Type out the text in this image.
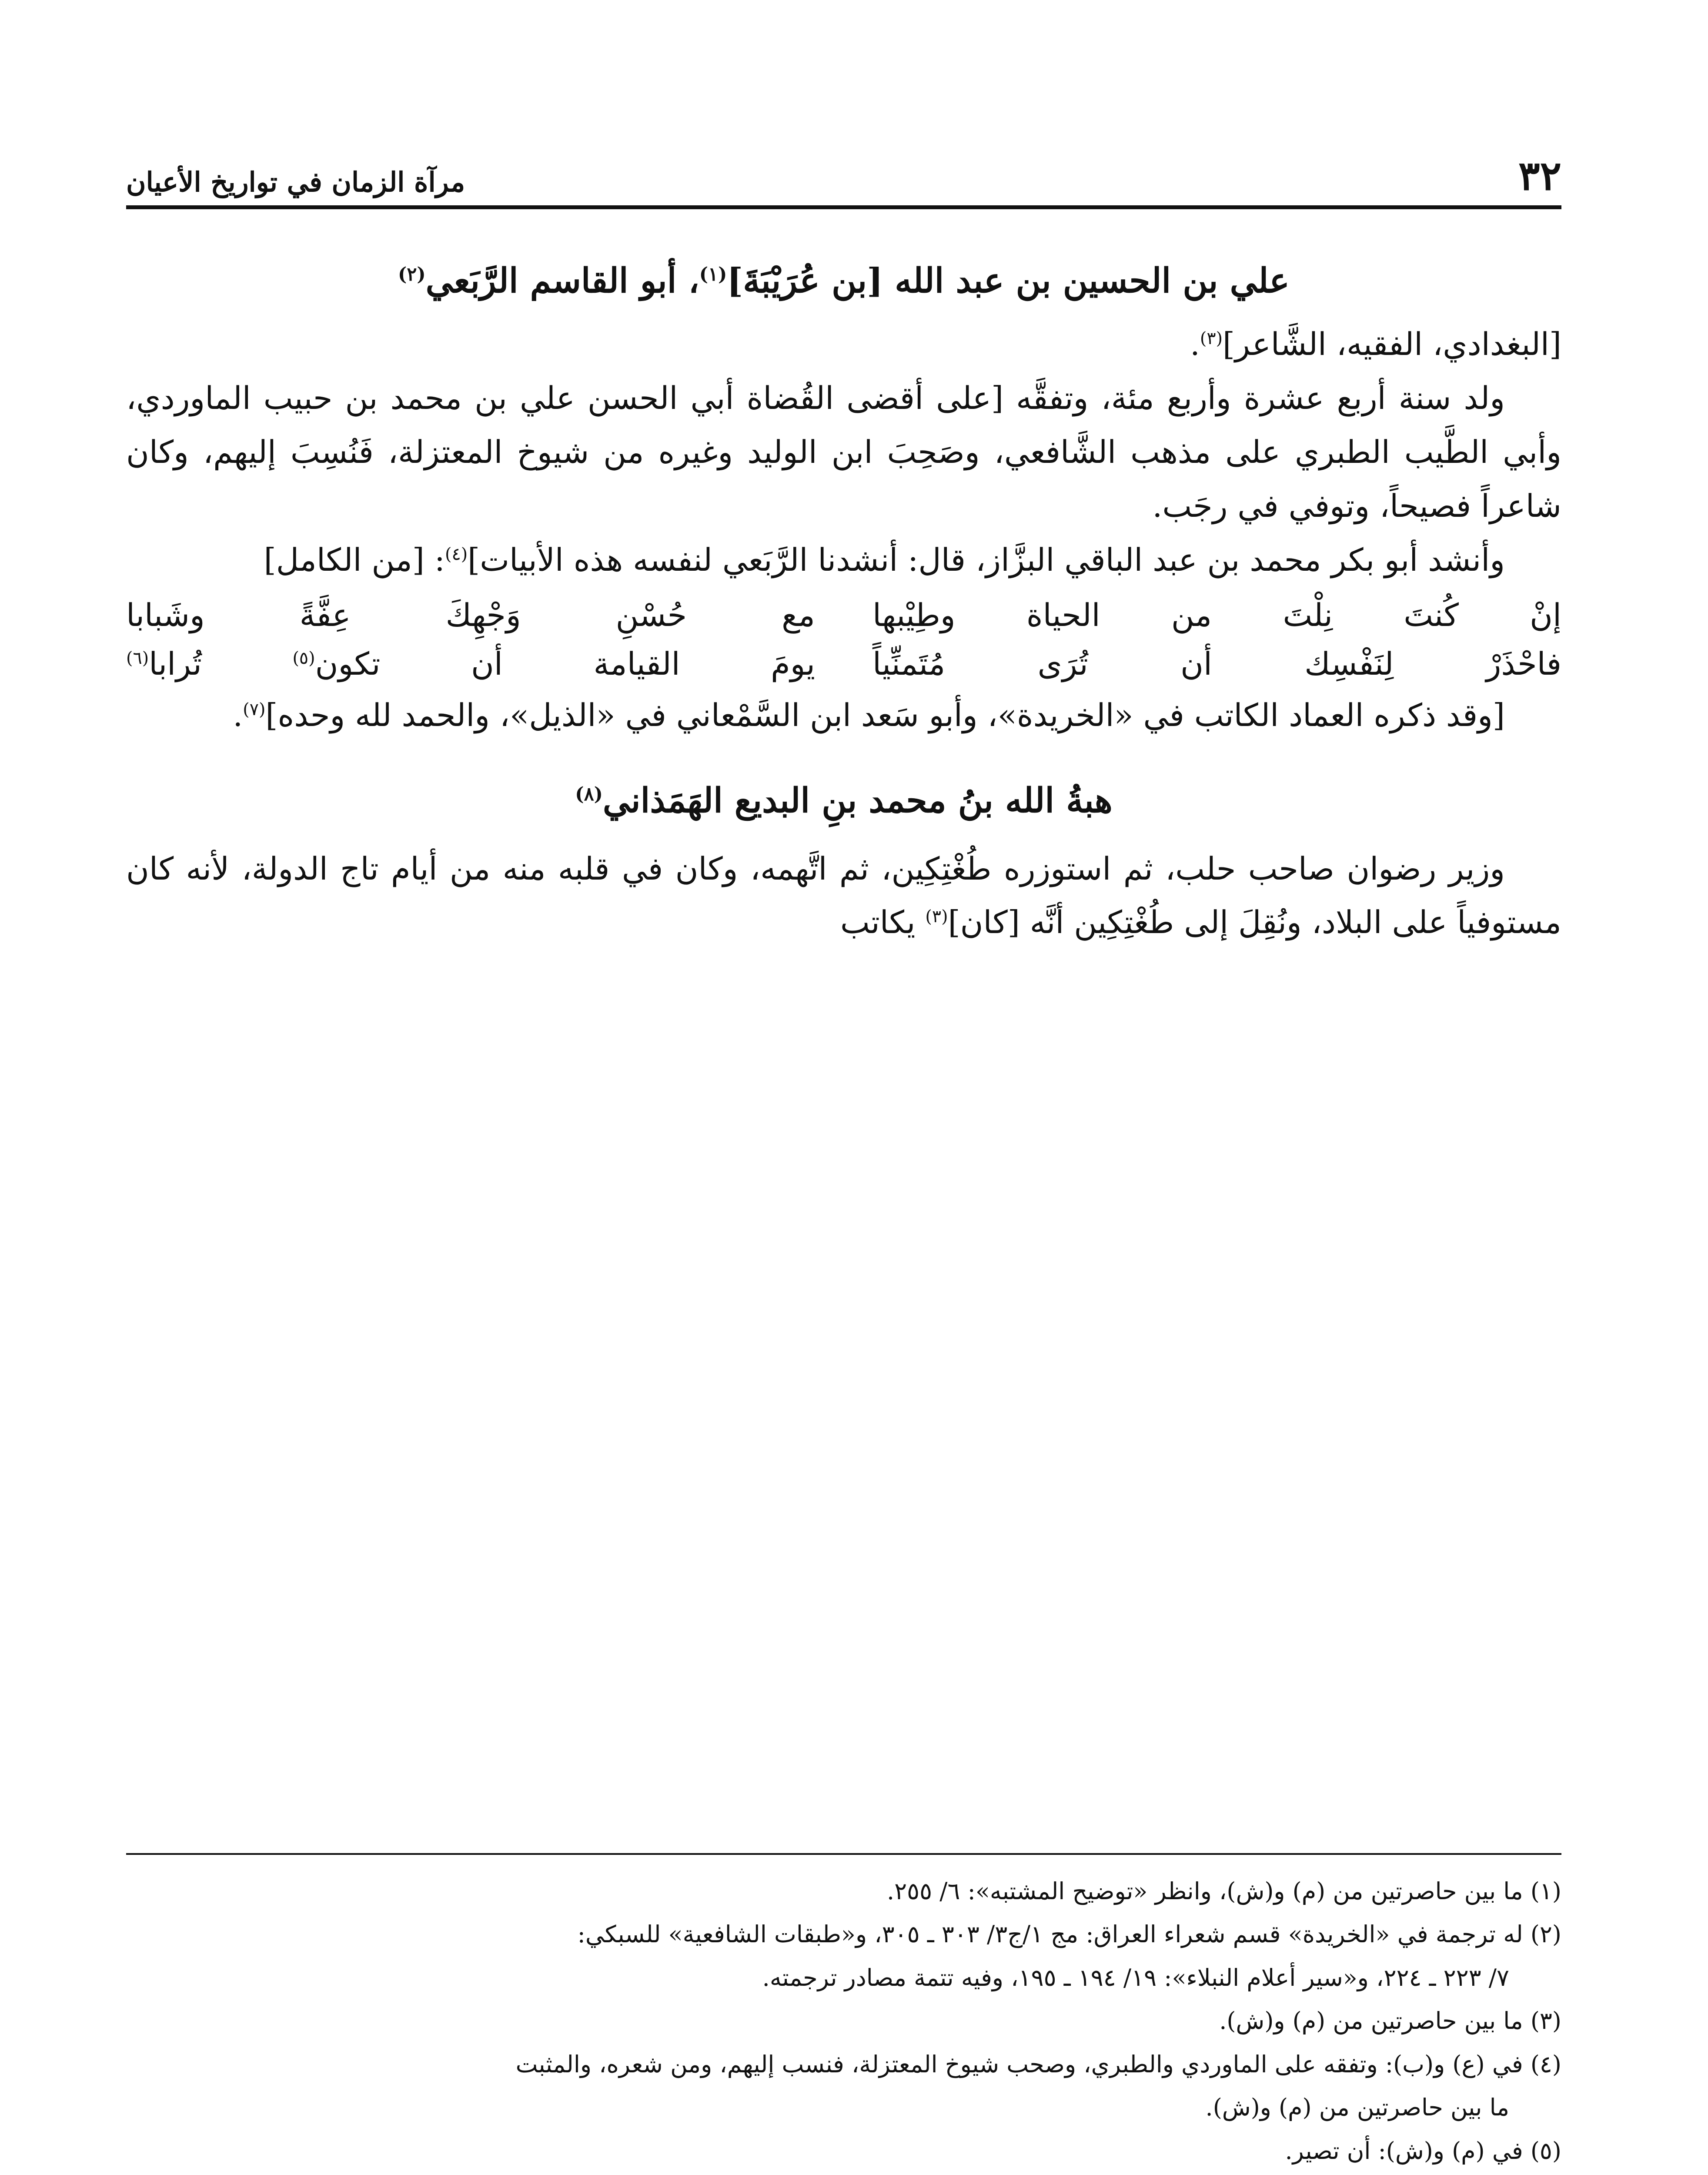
٣٢
مرآة الزمان في تواريخ الأعيان
علي بن الحسين بن عبد الله [بن عُرَيْبَةَ]$^{(١)}$، أبو القاسم الرَّبَعي$^{(٢)}$

[البغدادي، الفقيه، الشَّاعر]$^{(٣)}$.

ولد سنة أربع عشرة وأربع مئة، وتفقَّه [على أقضى القُضاة أبي الحسن علي بن محمد بن حبيب الماوردي، وأبي الطَّيب الطبري على مذهب الشَّافعي، وصَحِبَ ابن الوليد وغيره من شيوخ المعتزلة، فَنُسِبَ إليهم، وكان شاعراً فصيحاً، وتوفي في رجَب.

وأنشد أبو بكر محمد بن عبد الباقي البزَّاز، قال: أنشدنا الرَّبَعي لنفسه هذه الأبيات]$^{(٤)}$: [من الكامل]

إنْ كُنتَ نِلْتَ من الحياة وطِيْبها
مع حُسْنِ وَجْهِكَ عِفَّةً وشَبابا
فاحْذَرْ لِنَفْسِك أن تُرَى مُتَمنِّياً
يومَ القيامة أن تكون$^{(٥)}$ تُرابا$^{(٦)}$

[وقد ذكره العماد الكاتب في «الخريدة»، وأبو سَعد ابن السَّمْعاني في «الذيل»، والحمد لله وحده]$^{(٧)}$.

هبةُ الله بنُ محمد بنِ البديع الهَمَذاني$^{(٨)}$

وزير رضوان صاحب حلب، ثم استوزره طُغْتِكِين، ثم اتَّهمه، وكان في قلبه منه من أيام تاج الدولة، لأنه كان مستوفياً على البلاد، ونُقِلَ إلى طُغْتِكِين أنَّه [كان]$^{(٣)}$ يكاتب

(١) ما بين حاصرتين من (م) و(ش)، وانظر «توضيح المشتبه»: ٦/ ٢٥٥.

(٢) له ترجمة في «الخريدة» قسم شعراء العراق: مج ١/ج٣/ ٣٠٣ ـ ٣٠٥، و«طبقات الشافعية» للسبكي:

٧/ ٢٢٣ ـ ٢٢٤، و«سير أعلام النبلاء»: ١٩/ ١٩٤ ـ ١٩٥، وفيه تتمة مصادر ترجمته.

(٣) ما بين حاصرتين من (م) و(ش).

(٤) في (ع) و(ب): وتفقه على الماوردي والطبري، وصحب شيوخ المعتزلة، فنسب إليهم، ومن شعره، والمثبت

ما بين حاصرتين من (م) و(ش).

(٥) في (م) و(ش): أن تصير.
